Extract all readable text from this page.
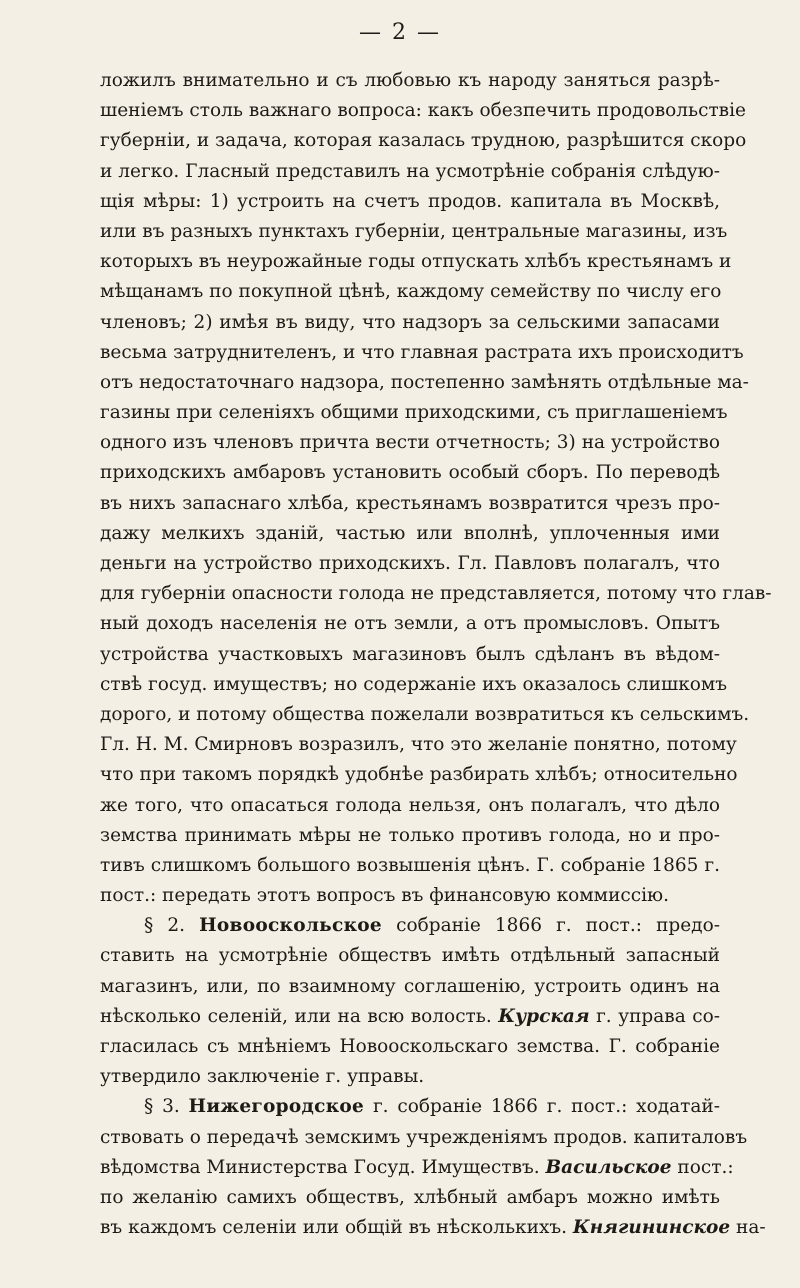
— 2 —
ложилъ внимательно и съ любовью къ народу заняться разрѣ-
шеніемъ столь важнаго вопроса: какъ обезпечить продовольствіе
губерніи, и задача, которая казалась трудною, разрѣшится скоро
и легко. Гласный представилъ на усмотрѣніе собранія слѣдую-
щія мѣры: 1) устроить на счетъ продов. капитала въ Москвѣ,
или въ разныхъ пунктахъ губерніи, центральные магазины, изъ
которыхъ въ неурожайные годы отпускать хлѣбъ крестьянамъ и
мѣщанамъ по покупной цѣнѣ, каждому семейству по числу его
членовъ; 2) имѣя въ виду, что надзоръ за сельскими запасами
весьма затруднителенъ, и что главная растрата ихъ происходитъ
отъ недостаточнаго надзора, постепенно замѣнять отдѣльные ма-
газины при селеніяхъ общими приходскими, съ приглашеніемъ
одного изъ членовъ причта вести отчетность; 3) на устройство
приходскихъ амбаровъ установить особый сборъ. По переводѣ
въ нихъ запаснаго хлѣба, крестьянамъ возвратится чрезъ про-
дажу мелкихъ зданій, частью или вполнѣ, уплоченныя ими
деньги на устройство приходскихъ. Гл. Павловъ полагалъ, что
для губерніи опасности голода не представляется, потому что глав-
ный доходъ населенія не отъ земли, а отъ промысловъ. Опытъ
устройства участковыхъ магазиновъ былъ сдѣланъ въ вѣдом-
ствѣ госуд. имуществъ; но содержаніе ихъ оказалось слишкомъ
дорого, и потому общества пожелали возвратиться къ сельскимъ.
Гл. Н. М. Смирновъ возразилъ, что это желаніе понятно, потому
что при такомъ порядкѣ удобнѣе разбирать хлѣбъ; относительно
же того, что опасаться голода нельзя, онъ полагалъ, что дѣло
земства принимать мѣры не только противъ голода, но и про-
тивъ слишкомъ большого возвышенія цѣнъ. Г. собраніе 1865 г.
пост.: передать этотъ вопросъ въ финансовую коммиссію.
§ 2. Новооскольское собраніе 1866 г. пост.: предо-
ставить на усмотрѣніе обществъ имѣть отдѣльный запасный
магазинъ, или, по взаимному соглашенію, устроить одинъ на
нѣсколько селеній, или на всю волость. Курская г. управа со-
гласилась съ мнѣніемъ Новооскольскаго земства. Г. собраніе
утвердило заключеніе г. управы.
§ 3. Нижегородское г. собраніе 1866 г. пост.: ходатай-
ствовать о передачѣ земскимъ учрежденіямъ продов. капиталовъ
вѣдомства Министерства Госуд. Имуществъ. Васильское пост.:
по желанію самихъ обществъ, хлѣбный амбаръ можно имѣть
въ каждомъ селеніи или общій въ нѣсколькихъ. Княгининское на-
